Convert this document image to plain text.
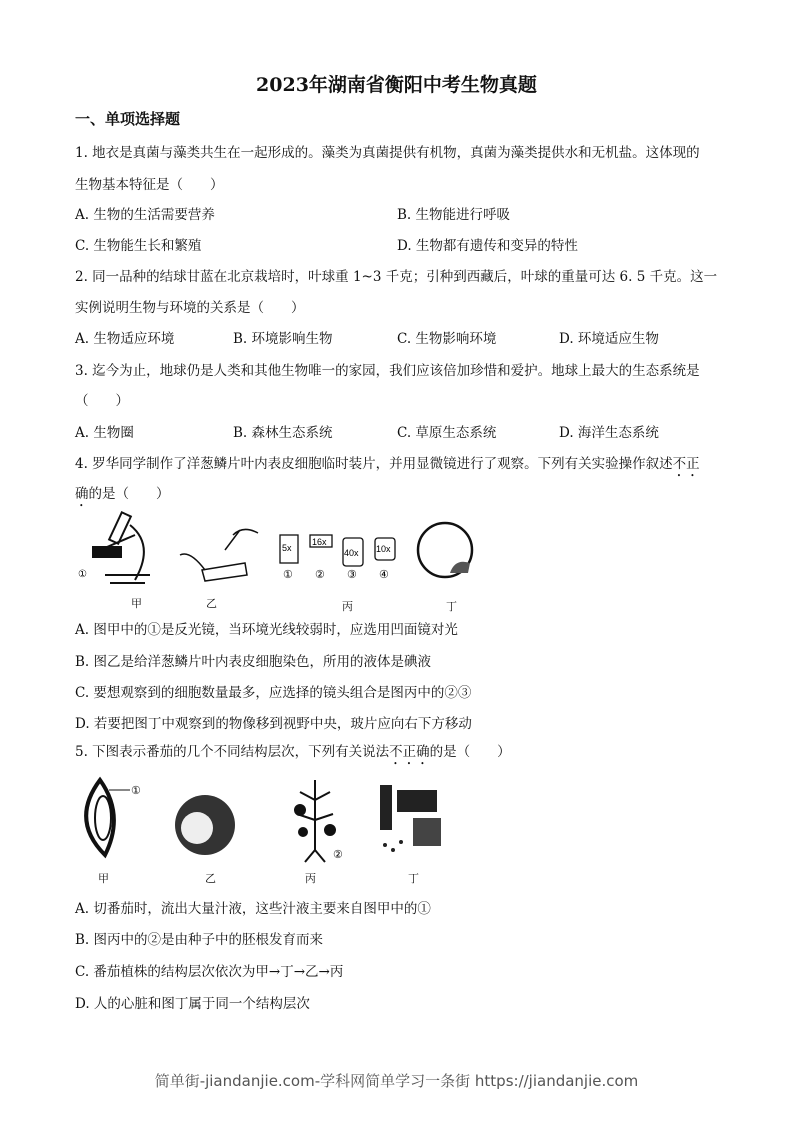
2023年湖南省衡阳中考生物真题
一、单项选择题
1. 地衣是真菌与藻类共生在一起形成的。藻类为真菌提供有机物，真菌为藻类提供水和无机盐。这体现的
生物基本特征是（　　）
A. 生物的生活需要营养	B. 生物能进行呼吸
C. 生物能生长和繁殖	D. 生物都有遗传和变异的特性
2. 同一品种的结球甘蓝在北京栽培时，叶球重 1~3 千克；引种到西藏后，叶球的重量可达 6. 5 千克。这一
实例说明生物与环境的关系是（　　）
A. 生物适应环境	B. 环境影响生物	C. 生物影响环境	D. 环境适应生物
3. 迄今为止，地球仍是人类和其他生物唯一的家园，我们应该倍加珍惜和爱护。地球上最大的生态系统是
（　　）
A. 生物圈	B. 森林生态系统	C. 草原生态系统	D. 海洋生态系统
4. 罗华同学制作了洋葱鳞片叶内表皮细胞临时装片，并用显微镜进行了观察。下列有关实验操作叙述不正
确的是（　　）
①
5x
16x
40x 10x
① ② ③ ④
甲	乙	丙	丁
A. 图甲中的①是反光镜，当环境光线较弱时，应选用凹面镜对光
B. 图乙是给洋葱鳞片叶内表皮细胞染色，所用的液体是碘液
C. 要想观察到的细胞数量最多，应选择的镜头组合是图丙中的②③
D. 若要把图丁中观察到的物像移到视野中央，玻片应向右下方移动
5. 下图表示番茄的几个不同结构层次，下列有关说法不正确的是（　　）
①
②
甲	乙	丙	丁
A. 切番茄时，流出大量汁液，这些汁液主要来自图甲中的①
B. 图丙中的②是由种子中的胚根发育而来
C. 番茄植株的结构层次依次为甲→丁→乙→丙
D. 人的心脏和图丁属于同一个结构层次
简单街-jiandanjie.com-学科网简单学习一条街 https://jiandanjie.com
